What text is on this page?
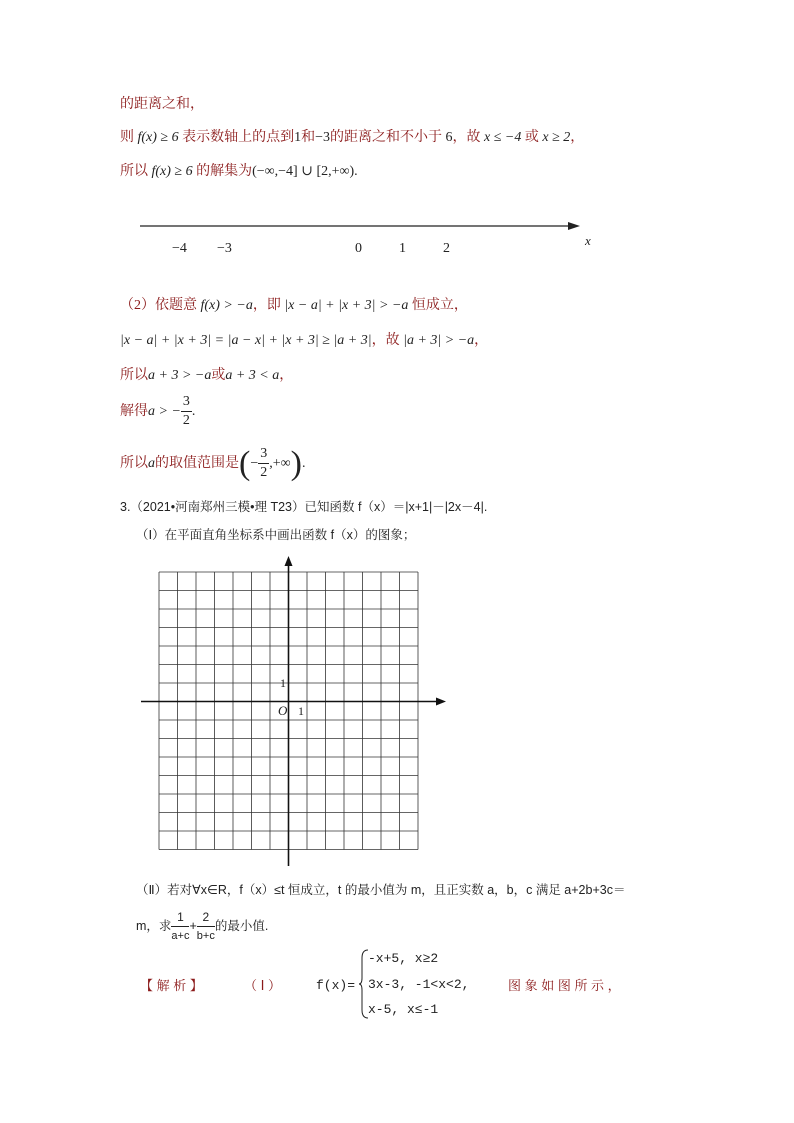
的距离之和，
则 f(x) ≥ 6 表示数轴上的点到1和−3的距离之和不小于 6，故 x ≤ −4 或 x ≥ 2，
所以 f(x) ≥ 6 的解集为(−∞,−4] ∪ [2,+∞).
−4 −3	0	1	2
x
（2）依题意 f(x) > −a，即 |x − a| + |x + 3| > −a 恒成立，
|x − a| + |x + 3| = |a − x| + |x + 3| ≥ |a + 3|，故 |a + 3| > −a，
所以a + 3 > −a或a + 3 < a，
解得a > − $\frac{3}{2}$ .
所以a的取值范围是(− $\frac{3}{2}$ ,+∞).
3.（2021•河南郑州三模•理 T23）已知函数 f（x）＝|x+1|－|2x－4|.
（Ⅰ）在平面直角坐标系中画出函数 f（x）的图象；
1
O 1
（Ⅱ）若对∀x∈R，f（x）≤t 恒成立，t 的最小值为 m，且正实数 a，b，c 满足 a+2b+3c＝
m，求 $\frac{1}{a+c} + \frac{2}{b+c}$ 的最小值.
【 解 析 】	（ Ⅰ ）	f(x)=
-x+5, x≥2
3x-3, -1<x<2,
x-5, x≤-1
图 象 如 图 所 示 ，
